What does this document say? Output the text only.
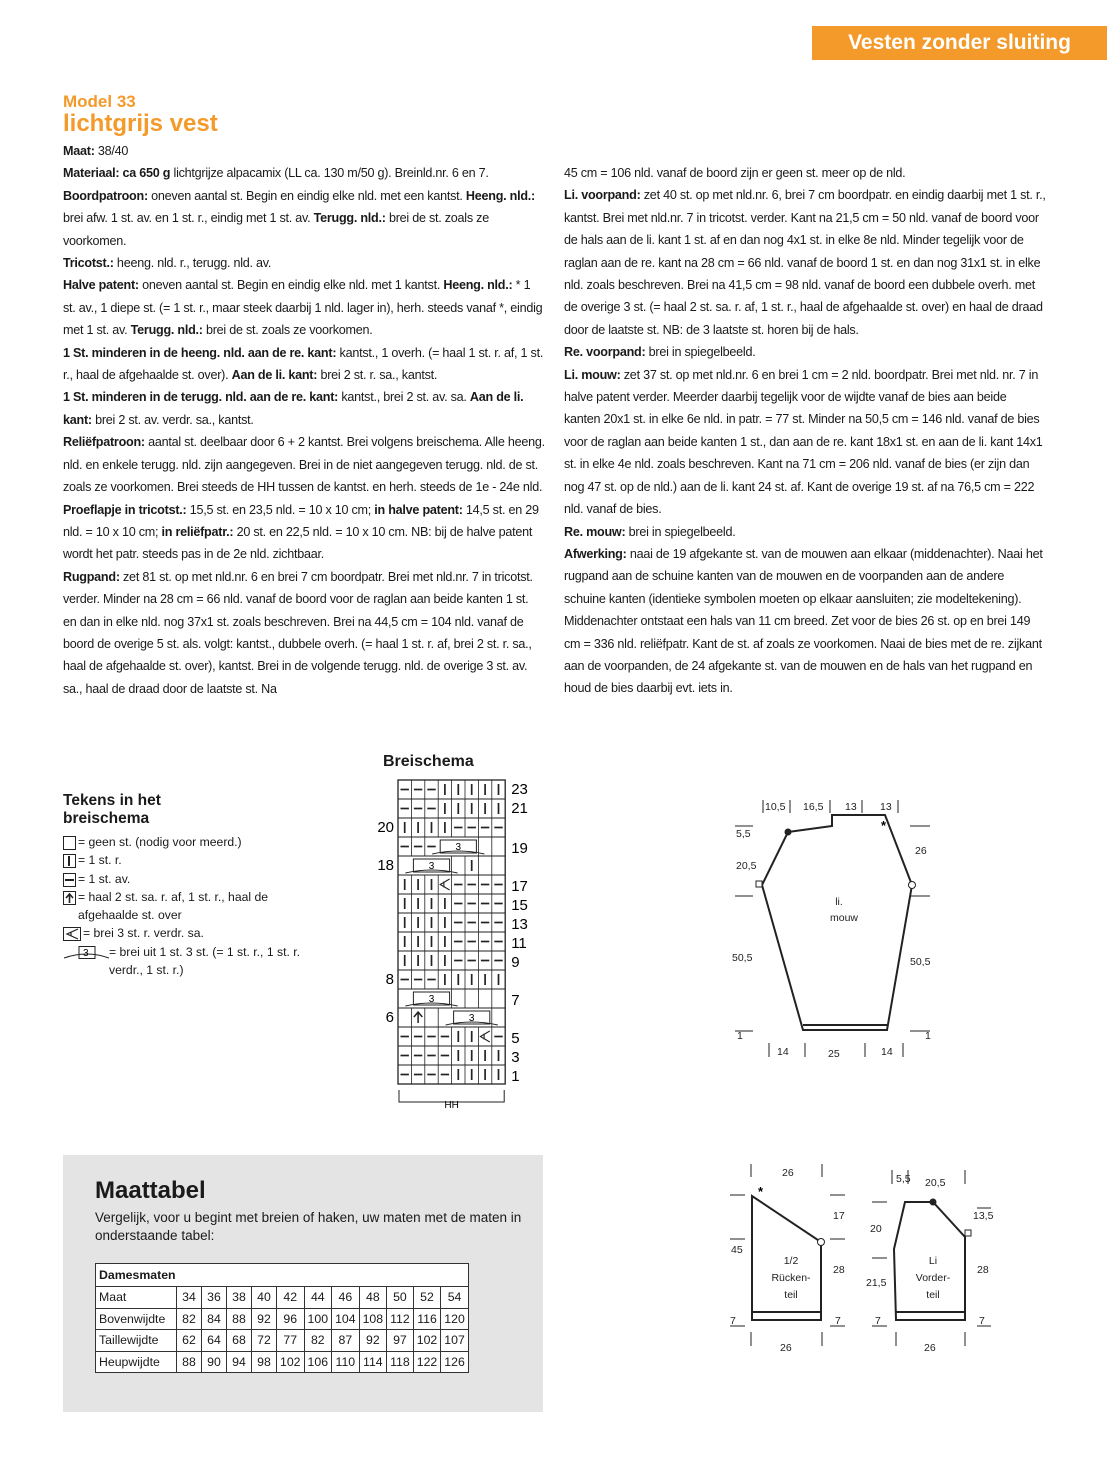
Vesten zonder sluiting
Model 33
lichtgrijs vest

Maat: 38/40

Materiaal: ca 650 g lichtgrijze alpacamix (LL ca. 130 m/50 g). Breinld.nr. 6 en 7.

Boordpatroon: oneven aantal st. Begin en eindig elke nld. met een kantst. Heeng. nld.: brei afw. 1 st. av. en 1 st. r., eindig met 1 st. av. Terugg. nld.: brei de st. zoals ze voorkomen.

Tricotst.: heeng. nld. r., terugg. nld. av.

Halve patent: oneven aantal st. Begin en eindig elke nld. met 1 kantst. Heeng. nld.: * 1 st. av., 1 diepe st. (= 1 st. r., maar steek daarbij 1 nld. lager in), herh. steeds vanaf *, eindig met 1 st. av. Terugg. nld.: brei de st. zoals ze voorkomen.

1 St. minderen in de heeng. nld. aan de re. kant: kantst., 1 overh. (= haal 1 st. r. af, 1 st. r., haal de afgehaalde st. over). Aan de li. kant: brei 2 st. r. sa., kantst.

1 St. minderen in de terugg. nld. aan de re. kant: kantst., brei 2 st. av. sa. Aan de li. kant: brei 2 st. av. verdr. sa., kantst.

Reliëfpatroon: aantal st. deelbaar door 6 + 2 kantst. Brei volgens breischema. Alle heeng. nld. en enkele terugg. nld. zijn aangegeven. Brei in de niet aangegeven terugg. nld. de st. zoals ze voorkomen. Brei steeds de HH tussen de kantst. en herh. steeds de 1e - 24e nld.

Proeflapje in tricotst.: 15,5 st. en 23,5 nld. = 10 x 10 cm; in halve patent: 14,5 st. en 29 nld. = 10 x 10 cm; in reliëfpatr.: 20 st. en 22,5 nld. = 10 x 10 cm. NB: bij de halve patent wordt het patr. steeds pas in de 2e nld. zichtbaar.

Rugpand: zet 81 st. op met nld.nr. 6 en brei 7 cm boordpatr. Brei met nld.nr. 7 in tricotst. verder. Minder na 28 cm = 66 nld. vanaf de boord voor de raglan aan beide kanten 1 st. en dan in elke nld. nog 37x1 st. zoals beschreven. Brei na 44,5 cm = 104 nld. vanaf de boord de overige 5 st. als. volgt: kantst., dubbele overh. (= haal 1 st. r. af, brei 2 st. r. sa., haal de afgehaalde st. over), kantst. Brei in de volgende terugg. nld. de overige 3 st. av. sa., haal de draad door de laatste st. Na

45 cm = 106 nld. vanaf de boord zijn er geen st. meer op de nld.

Li. voorpand: zet 40 st. op met nld.nr. 6, brei 7 cm boordpatr. en eindig daarbij met 1 st. r., kantst. Brei met nld.nr. 7 in tricotst. verder. Kant na 21,5 cm = 50 nld. vanaf de boord voor de hals aan de li. kant 1 st. af en dan nog 4x1 st. in elke 8e nld. Minder tegelijk voor de raglan aan de re. kant na 28 cm = 66 nld. vanaf de boord 1 st. en dan nog 31x1 st. in elke nld. zoals beschreven. Brei na 41,5 cm = 98 nld. vanaf de boord een dubbele overh. met de overige 3 st. (= haal 2 st. sa. r. af, 1 st. r., haal de afgehaalde st. over) en haal de draad door de laatste st. NB: de 3 laatste st. horen bij de hals.

Re. voorpand: brei in spiegelbeeld.

Li. mouw: zet 37 st. op met nld.nr. 6 en brei 1 cm = 2 nld. boordpatr. Brei met nld. nr. 7 in halve patent verder. Meerder daarbij tegelijk voor de wijdte vanaf de bies aan beide kanten 20x1 st. in elke 6e nld. in patr. = 77 st. Minder na 50,5 cm = 146 nld. vanaf de bies voor de raglan aan beide kanten 1 st., dan aan de re. kant 18x1 st. en aan de li. kant 14x1 st. in elke 4e nld. zoals beschreven. Kant na 71 cm = 206 nld. vanaf de bies (er zijn dan nog 47 st. op de nld.) aan de li. kant 24 st. af. Kant de overige 19 st. af na 76,5 cm = 222 nld. vanaf de bies.

Re. mouw: brei in spiegelbeeld.

Afwerking: naai de 19 afgekante st. van de mouwen aan elkaar (middenachter). Naai het rugpand aan de schuine kanten van de mouwen en de voorpanden aan de andere schuine kanten (identieke symbolen moeten op elkaar aansluiten; zie modeltekening). Middenachter ontstaat een hals van 11 cm breed. Zet voor de bies 26 st. op en brei 149 cm = 336 nld. reliëfpatr. Kant de st. af zoals ze voorkomen. Naai de bies met de re. zijkant aan de voorpanden, de 24 afgekante st. van de mouwen en de hals van het rugpand en houd de bies daarbij evt. iets in.

Tekens in het breischema
= geen st. (nodig voor meerd.)
= 1 st. r.
= 1 st. av.
= haal 2 st. sa. r. af, 1 st. r., haal de afgehaalde st. over
= brei 3 st. r. verdr. sa.
3 = brei uit 1 st. 3 st. (= 1 st. r., 1 st. r. verdr., 1 st. r.)
Breischema
3
3
3
3
23
21
19
17
15
13
11
9
7
5
3
1
20
18
8
6
HH
*
10,5 16,5 13 13
5,5
20,5
50,5
26
50,5
14	25	14
1	1
li.
mouw
*
26
45
17
28
26
7	7
1/2
Rücken-
teil
5,5 20,5
20
21,5
13,5
28
26
7	7
Li
Vorder-
teil
Maattabel
Vergelijk, voor u begint met breien of haken, uw maten met de maten in onderstaande tabel:
Damesmaten											
Maat	34	36	38	40	42	44	46	48	50	52	54
Bovenwijdte	82	84	88	92	96	100	104	108	112	116	120
Taillewijdte	62	64	68	72	77	82	87	92	97	102	107
Heupwijdte	88	90	94	98	102	106	110	114	118	122	126
